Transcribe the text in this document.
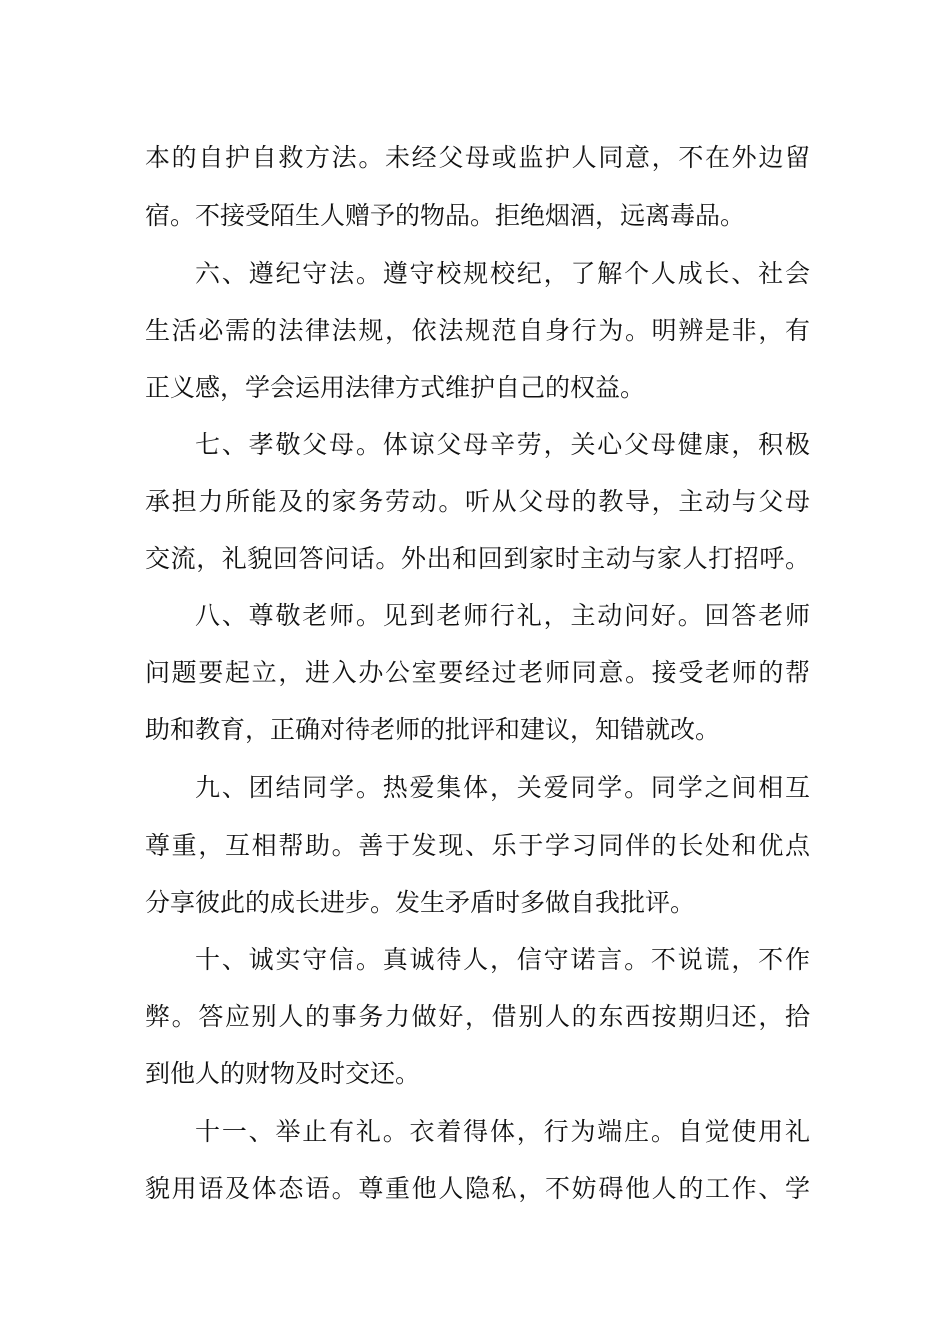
本的自护自救方法。未经父母或监护人同意，不在外边留
宿。不接受陌生人赠予的物品。拒绝烟酒，远离毒品。
六、遵纪守法。遵守校规校纪，了解个人成长、社会
生活必需的法律法规，依法规范自身行为。明辨是非，有
正义感，学会运用法律方式维护自己的权益。
七、孝敬父母。体谅父母辛劳，关心父母健康，积极
承担力所能及的家务劳动。听从父母的教导，主动与父母
交流，礼貌回答问话。外出和回到家时主动与家人打招呼。
八、尊敬老师。见到老师行礼，主动问好。回答老师
问题要起立，进入办公室要经过老师同意。接受老师的帮
助和教育，正确对待老师的批评和建议，知错就改。
九、团结同学。热爱集体，关爱同学。同学之间相互
尊重，互相帮助。善于发现、乐于学习同伴的长处和优点
分享彼此的成长进步。发生矛盾时多做自我批评。
十、诚实守信。真诚待人，信守诺言。不说谎，不作
弊。答应别人的事务力做好，借别人的东西按期归还，拾
到他人的财物及时交还。
十一、举止有礼。衣着得体，行为端庄。自觉使用礼
貌用语及体态语。尊重他人隐私，不妨碍他人的工作、学
